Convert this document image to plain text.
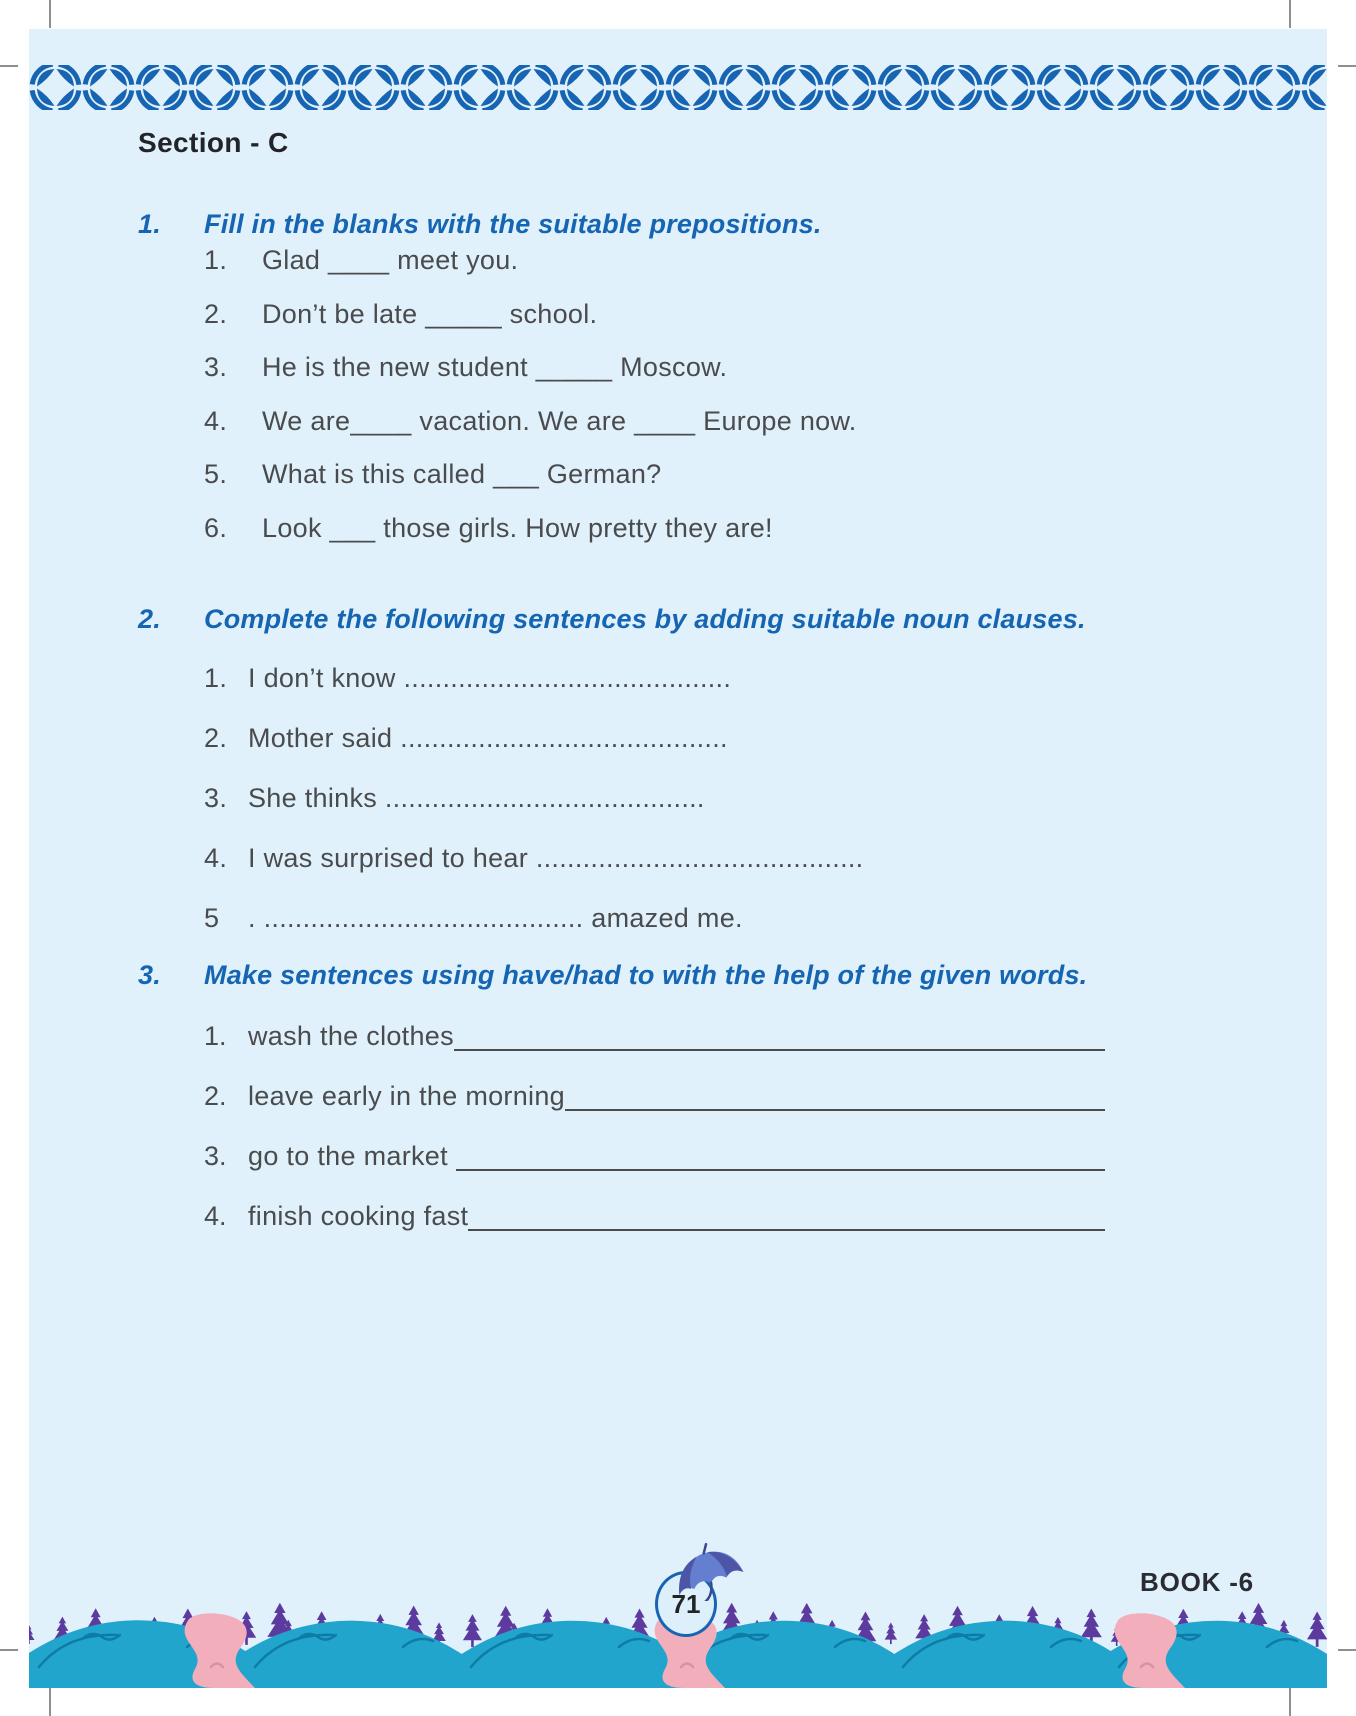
Section - C
1. Fill in the blanks with the suitable prepositions.
1. Glad ____ meet you.
2. Don’t be late _____ school.
3. He is the new student _____ Moscow.
4. We are____ vacation. We are ____ Europe now.
5. What is this called ___ German?
6. Look ___ those girls. How pretty they are!
2. Complete the following sentences by adding suitable noun clauses.
1. I don’t know ..........................................
2. Mother said ..........................................
3. She thinks .........................................
4. I was surprised to hear ..........................................
5 . ......................................... amazed me.
3. Make sentences using have/had to with the help of the given words.
1. wash the clothes
2. leave early in the morning
3. go to the market
4. finish cooking fast
BOOK -6
71
